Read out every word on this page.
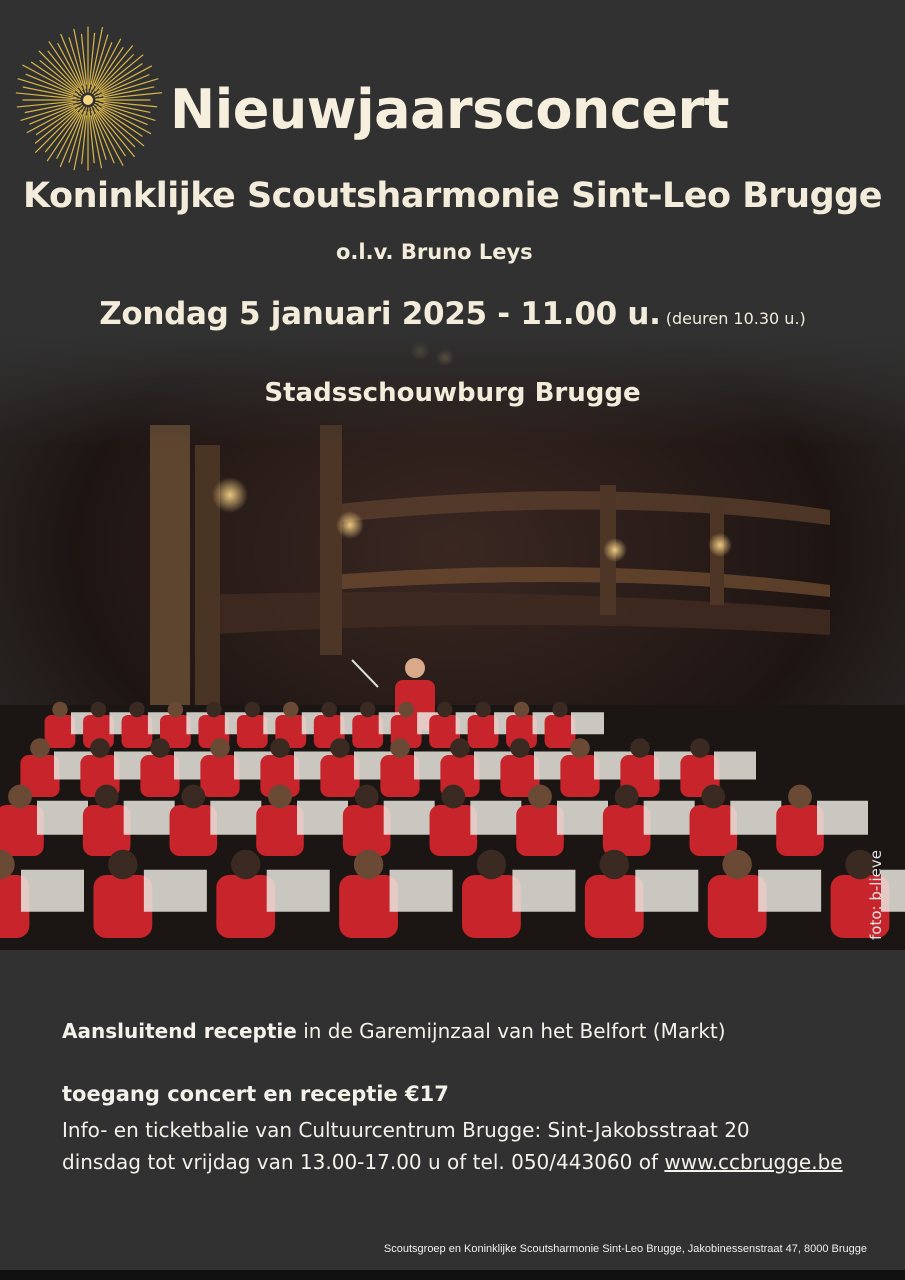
Nieuwjaarsconcert
Koninklijke Scoutsharmonie Sint-Leo Brugge
o.l.v. Bruno Leys
Zondag 5 januari 2025 - 11.00 u. (deuren 10.30 u.)
Stadsschouwburg Brugge
foto: b-lieve
Aansluitend receptie in de Garemijnzaal van het Belfort (Markt)
toegang concert en receptie €17
Info- en ticketbalie van Cultuurcentrum Brugge: Sint-Jakobsstraat 20
dinsdag tot vrijdag van 13.00-17.00 u of tel. 050/443060 of www.ccbrugge.be
Scoutsgroep en Koninklijke Scoutsharmonie Sint-Leo Brugge, Jakobinessenstraat 47, 8000 Brugge
